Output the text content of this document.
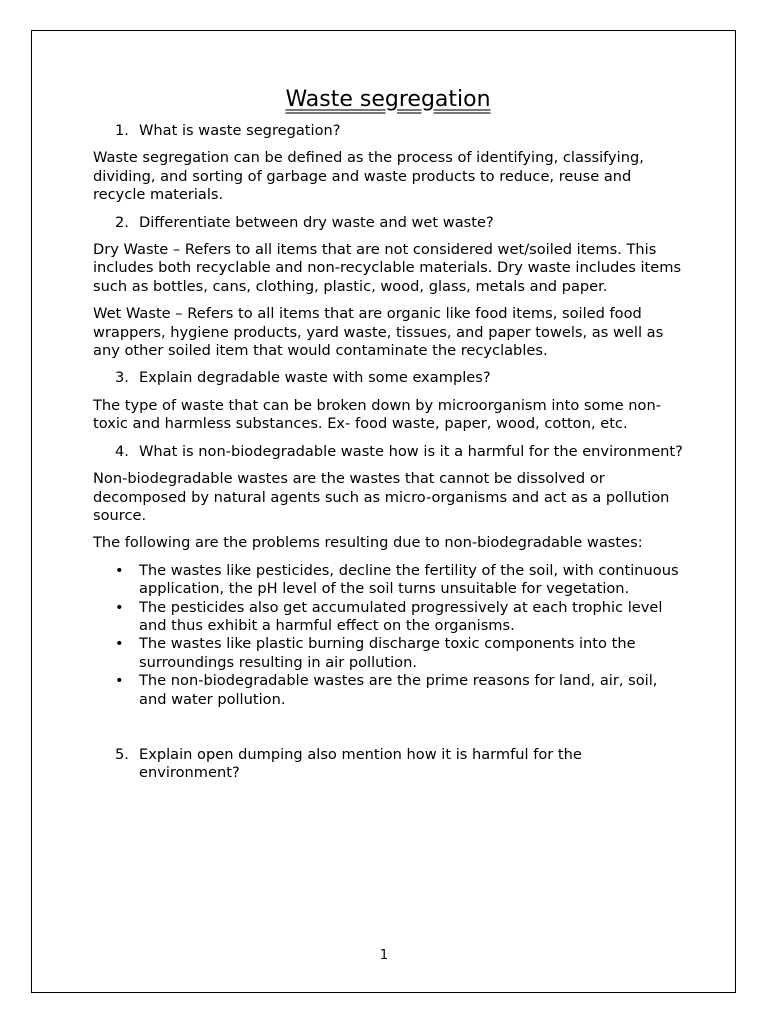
Waste segregation
1. What is waste segregation?

Waste segregation can be defined as the process of identifying, classifying, dividing, and sorting of garbage and waste products to reduce, reuse and recycle materials.

2. Differentiate between dry waste and wet waste?

Dry Waste – Refers to all items that are not considered wet/soiled items. This includes both recyclable and non-recyclable materials. Dry waste includes items such as bottles, cans, clothing, plastic, wood, glass, metals and paper.

Wet Waste – Refers to all items that are organic like food items, soiled food wrappers, hygiene products, yard waste, tissues, and paper towels, as well as any other soiled item that would contaminate the recyclables.

3. Explain degradable waste with some examples?

The type of waste that can be broken down by microorganism into some non-toxic and harmless substances. Ex- food waste, paper, wood, cotton, etc.

4. What is non-biodegradable waste how is it a harmful for the environment?

Non-biodegradable wastes are the wastes that cannot be dissolved or decomposed by natural agents such as micro-organisms and act as a pollution source.

The following are the problems resulting due to non-biodegradable wastes:

• The wastes like pesticides, decline the fertility of the soil, with continuous application, the pH level of the soil turns unsuitable for vegetation.
• The pesticides also get accumulated progressively at each trophic level and thus exhibit a harmful effect on the organisms.
• The wastes like plastic burning discharge toxic components into the surroundings resulting in air pollution.
• The non-biodegradable wastes are the prime reasons for land, air, soil, and water pollution.
5. Explain open dumping also mention how it is harmful for the environment?
1
